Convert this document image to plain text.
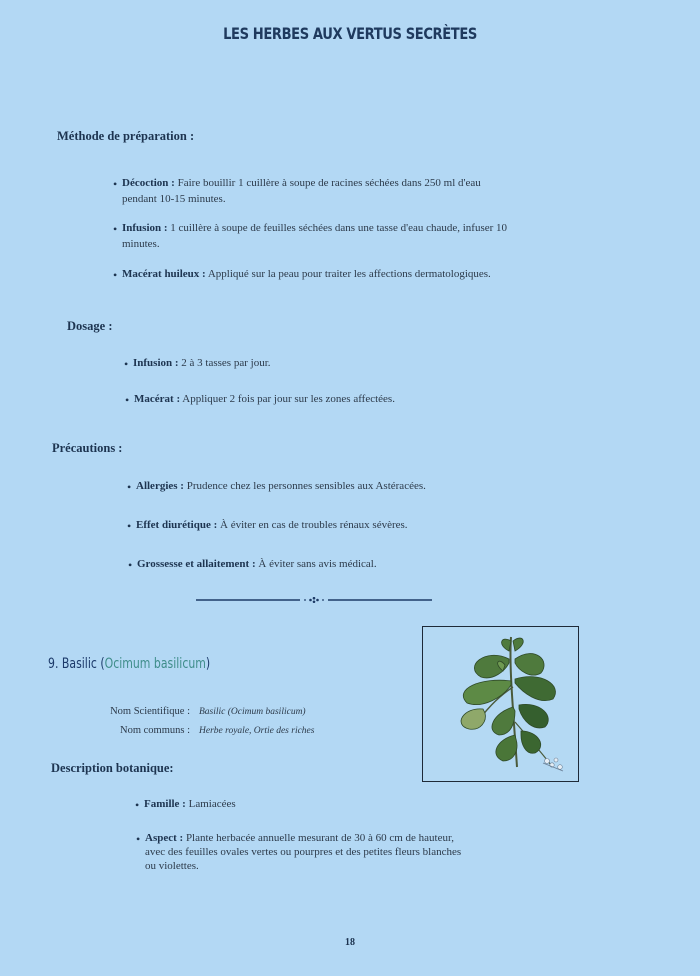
LES HERBES AUX VERTUS SECRÈTES
Méthode de préparation :
• Décoction : Faire bouillir 1 cuillère à soupe de racines séchées dans 250 ml d'eau
pendant 10-15 minutes.
• Infusion : 1 cuillère à soupe de feuilles séchées dans une tasse d'eau chaude, infuser 10
minutes.
• Macérat huileux : Appliqué sur la peau pour traiter les affections dermatologiques.
Dosage :
• Infusion : 2 à 3 tasses par jour.
• Macérat : Appliquer 2 fois par jour sur les zones affectées.
Précautions :
• Allergies : Prudence chez les personnes sensibles aux Astéracées.
• Effet diurétique : À éviter en cas de troubles rénaux sévères.
• Grossesse et allaitement : À éviter sans avis médical.
9. Basilic (Ocimum basilicum)
Nom Scientifique : Basilic (Ocimum basilicum)
Nom communs : Herbe royale, Ortie des riches
Description botanique:
• Famille : Lamiacées
• Aspect : Plante herbacée annuelle mesurant de 30 à 60 cm de hauteur,
avec des feuilles ovales vertes ou pourpres et des petites fleurs blanches
ou violettes.
18
